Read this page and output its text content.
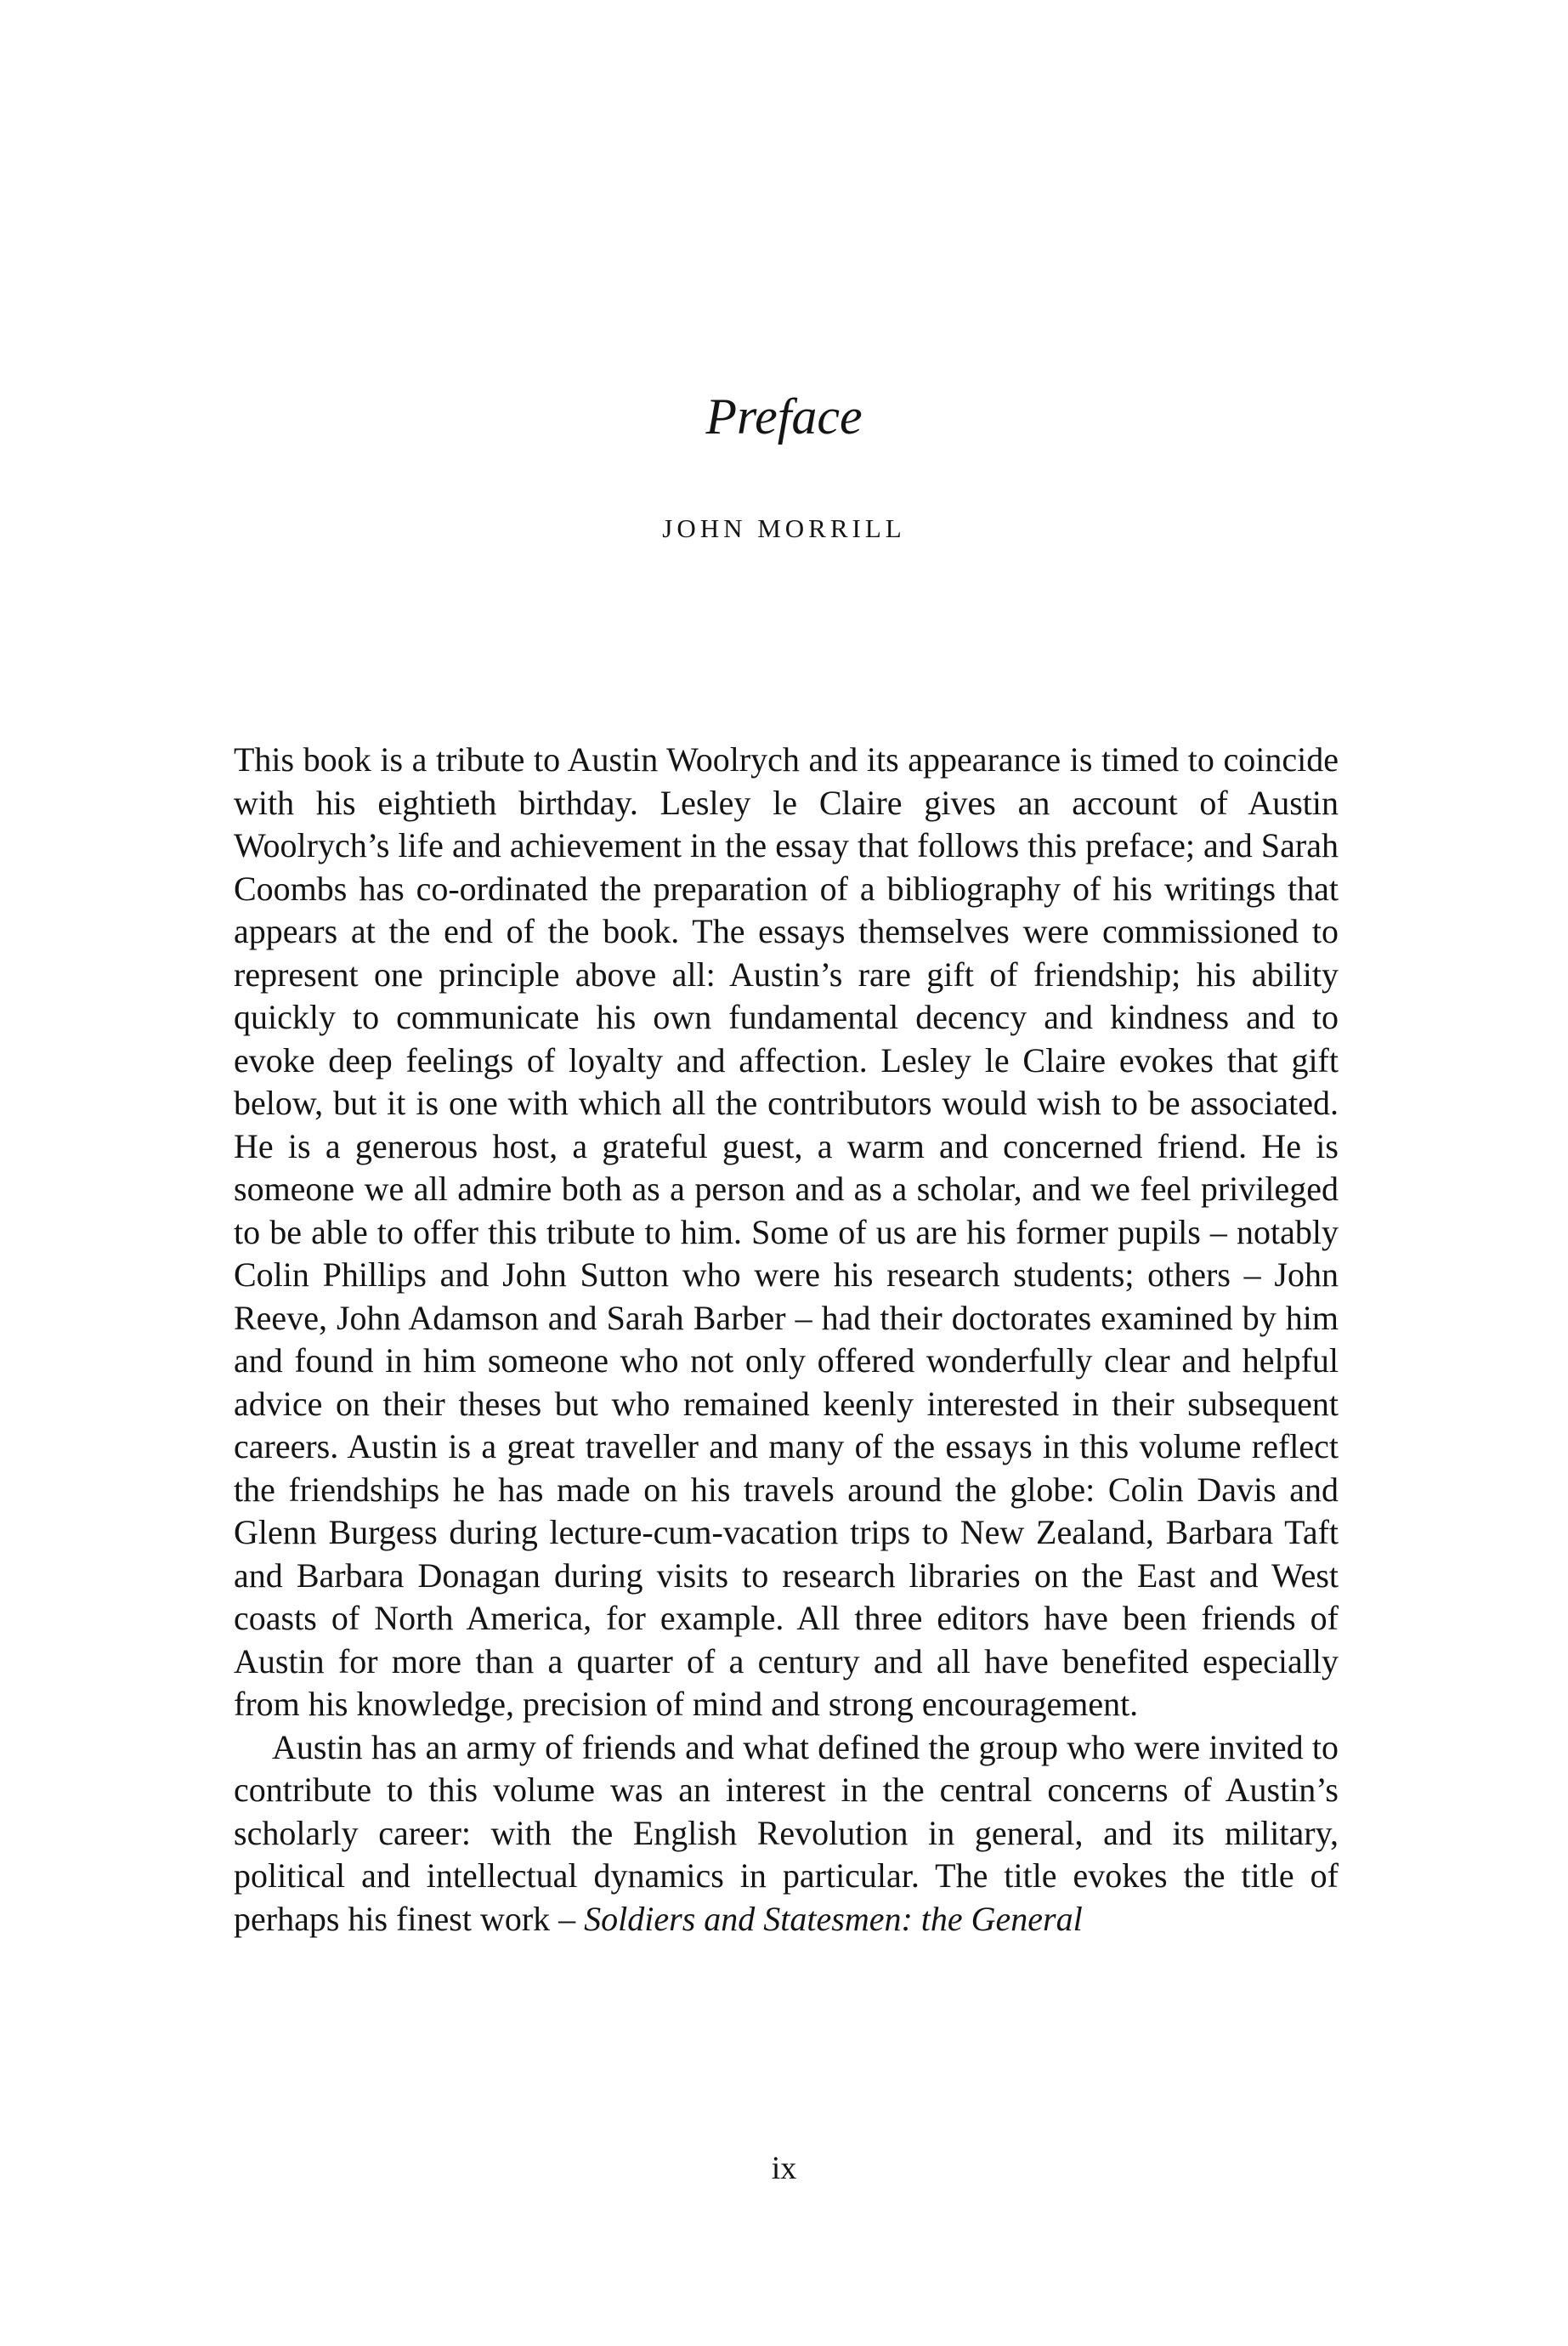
Preface
JOHN MORRILL

This book is a tribute to Austin Woolrych and its appearance is timed to coincide with his eightieth birthday. Lesley le Claire gives an account of Austin Woolrych’s life and achievement in the essay that follows this preface; and Sarah Coombs has co-ordinated the preparation of a bibliography of his writings that appears at the end of the book. The essays themselves were commissioned to represent one principle above all: Austin’s rare gift of friendship; his ability quickly to communicate his own fundamental decency and kindness and to evoke deep feelings of loyalty and affection. Lesley le Claire evokes that gift below, but it is one with which all the contributors would wish to be associated. He is a generous host, a grateful guest, a warm and concerned friend. He is someone we all admire both as a person and as a scholar, and we feel privileged to be able to offer this tribute to him. Some of us are his former pupils – notably Colin Phillips and John Sutton who were his research students; others – John Reeve, John Adamson and Sarah Barber – had their doctorates examined by him and found in him someone who not only offered wonderfully clear and helpful advice on their theses but who remained keenly interested in their subsequent careers. Austin is a great traveller and many of the essays in this volume reflect the friendships he has made on his travels around the globe: Colin Davis and Glenn Burgess during lecture-cum-vacation trips to New Zealand, Barbara Taft and Barbara Donagan during visits to research libraries on the East and West coasts of North America, for example. All three editors have been friends of Austin for more than a quarter of a century and all have benefited especially from his knowledge, precision of mind and strong encouragement.

Austin has an army of friends and what defined the group who were invited to contribute to this volume was an interest in the central concerns of Austin’s scholarly career: with the English Revolution in general, and its military, political and intellectual dynamics in particular. The title evokes the title of perhaps his finest work – Soldiers and Statesmen: the General

ix
